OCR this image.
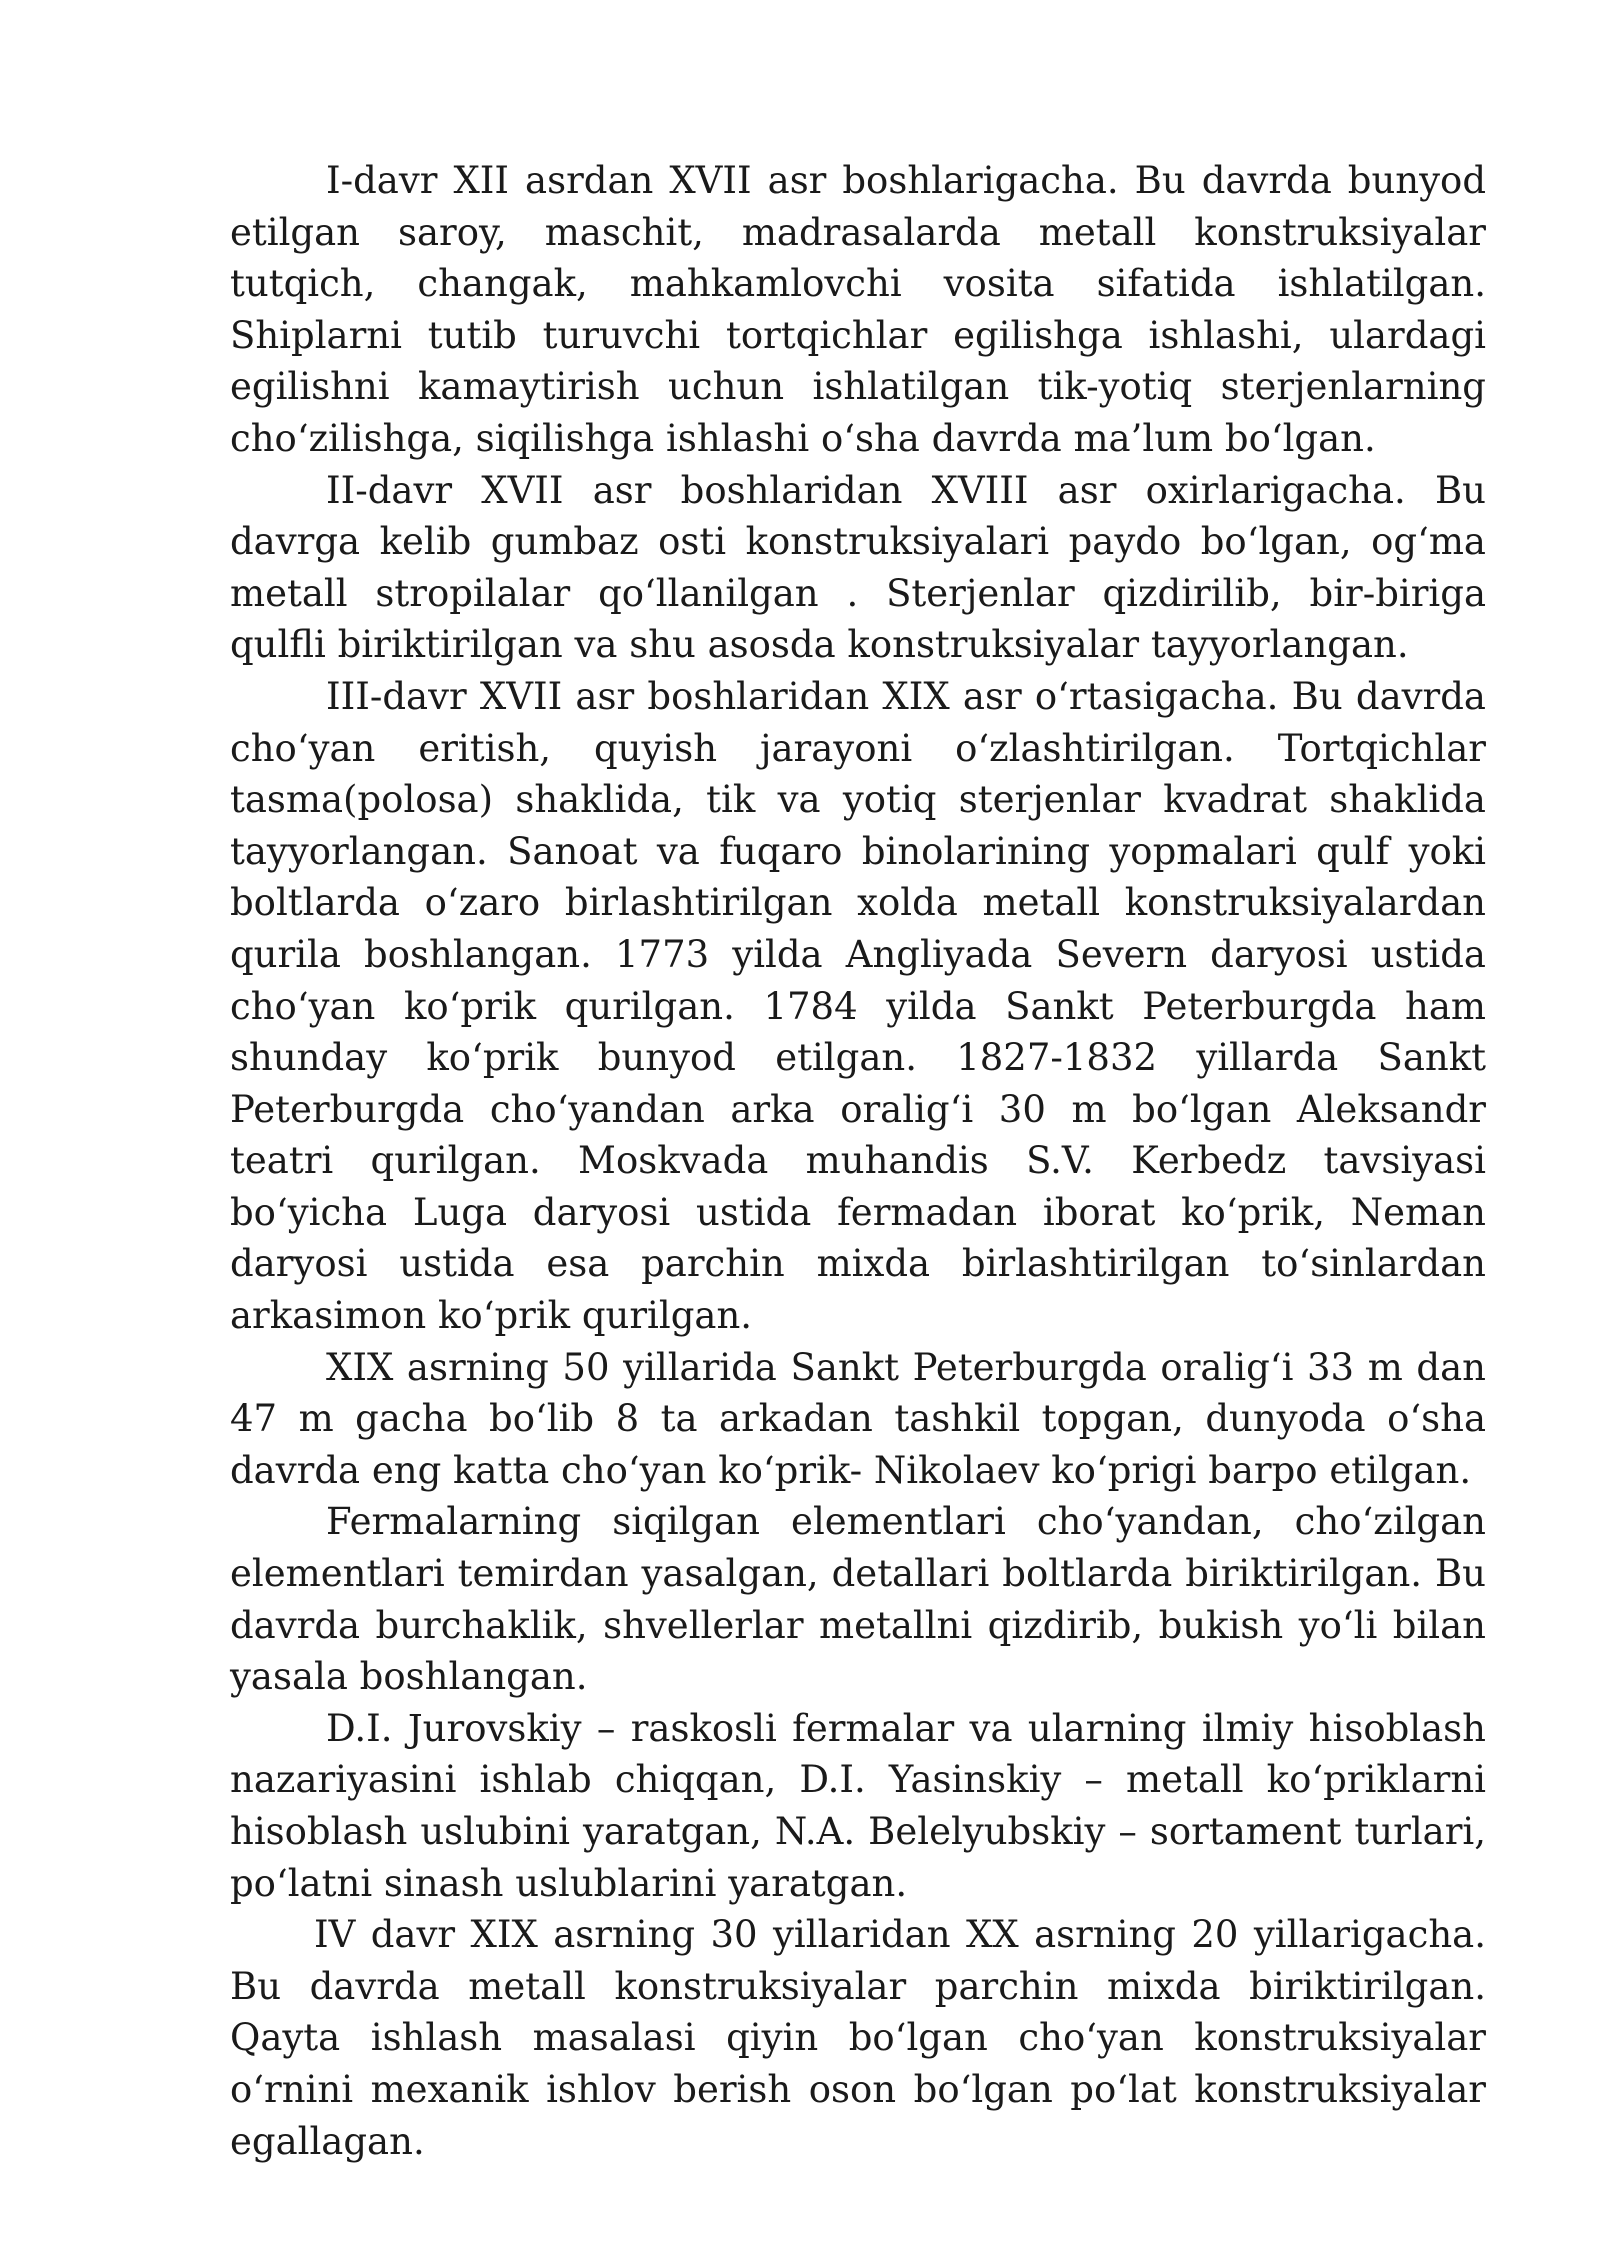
I-davr XII asrdan XVII asr boshlarigacha. Bu davrda bunyod etilgan saroy, maschit, madrasalarda metall konstruksiyalar tutqich, changak, mahkamlovchi vosita sifatida ishlatilgan. Shiplarni tutib turuvchi tortqichlar egilishga ishlashi, ulardagi egilishni kamaytirish uchun ishlatilgan tik-yotiq sterjenlarning cho‘zilishga, siqilishga ishlashi o‘sha davrda ma’lum bo‘lgan.

II-davr XVII asr boshlaridan XVIII asr oxirlarigacha. Bu davrga kelib gumbaz osti konstruksiyalari paydo bo‘lgan, og‘ma metall stropilalar qo‘llanilgan . Sterjenlar qizdirilib, bir-biriga qulfli biriktirilgan va shu asosda konstruksiyalar tayyorlangan.

III-davr XVII asr boshlaridan XIX asr o‘rtasigacha. Bu davrda cho‘yan eritish, quyish jarayoni o‘zlashtirilgan. Tortqichlar tasma(polosa) shaklida, tik va yotiq sterjenlar kvadrat shaklida tayyorlangan. Sanoat va fuqaro binolarining yopmalari qulf yoki boltlarda o‘zaro birlashtirilgan xolda metall konstruksiyalardan qurila boshlangan. 1773 yilda Angliyada Severn daryosi ustida cho‘yan ko‘prik qurilgan. 1784 yilda Sankt Peterburgda ham shunday ko‘prik bunyod etilgan. 1827-1832 yillarda Sankt Peterburgda cho‘yandan arka oralig‘i 30 m bo‘lgan Aleksandr teatri qurilgan. Moskvada muhandis S.V. Kerbedz tavsiyasi bo‘yicha Luga daryosi ustida fermadan iborat ko‘prik, Neman daryosi ustida esa parchin mixda birlashtirilgan to‘sinlardan arkasimon ko‘prik qurilgan.

XIX asrning 50 yillarida Sankt Peterburgda oralig‘i 33 m dan 47 m gacha bo‘lib 8 ta arkadan tashkil topgan, dunyoda o‘sha davrda eng katta cho‘yan ko‘prik- Nikolaev ko‘prigi barpo etilgan.

Fermalarning siqilgan elementlari cho‘yandan, cho‘zilgan elementlari temirdan yasalgan, detallari boltlarda biriktirilgan. Bu davrda burchaklik, shvellerlar metallni qizdirib, bukish yo‘li bilan yasala boshlangan.

D.I. Jurovskiy – raskosli fermalar va ularning ilmiy hisoblash nazariyasini ishlab chiqqan, D.I. Yasinskiy – metall ko‘priklarni hisoblash uslubini yaratgan, N.A. Belelyubskiy – sortament turlari, po‘latni sinash uslublarini yaratgan.

IV davr XIX asrning 30 yillaridan XX asrning 20 yillarigacha. Bu davrda metall konstruksiyalar parchin mixda biriktirilgan. Qayta ishlash masalasi qiyin bo‘lgan cho‘yan konstruksiyalar o‘rnini mexanik ishlov berish oson bo‘lgan po‘lat konstruksiyalar egallagan.
